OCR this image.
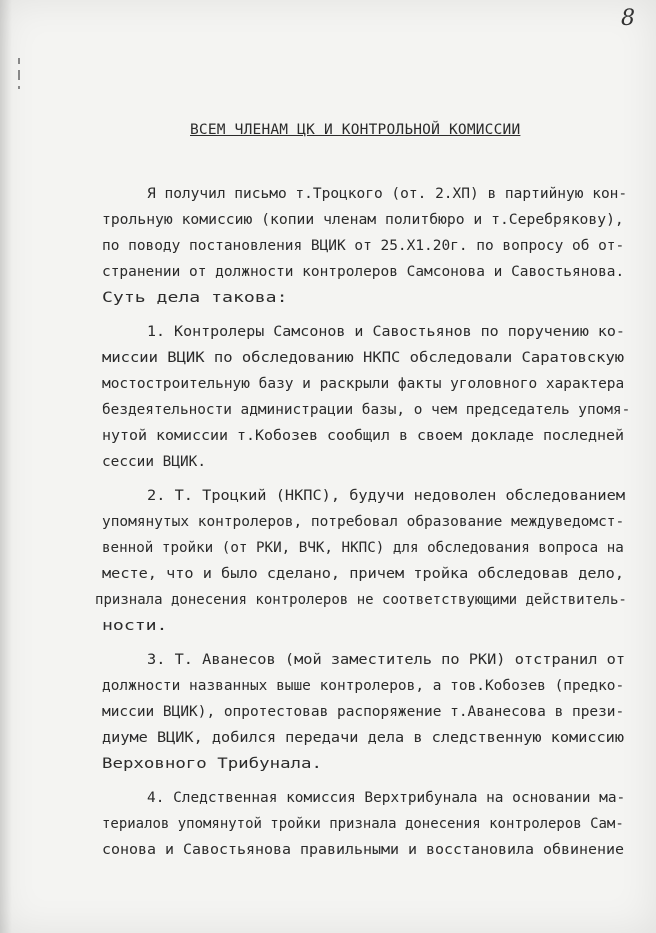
8
ВСЕМ ЧЛЕНАМ ЦК И КОНТРОЛЬНОЙ КОМИССИИ
Я получил письмо т.Троцкого (от. 2.ХП) в партийную кон-
трольную комиссию (копии членам политбюро и т.Серебрякову),
по поводу постановления ВЦИК от 25.Х1.20г. по вопросу об от-
странении от должности контролеров Самсонова и Савостьянова.
Суть дела такова:
1. Контролеры Самсонов и Савостьянов по поручению ко-
миссии ВЦИК по обследованию НКПС обследовали Саратовскую
мостостроительную базу и раскрыли факты уголовного характера
бездеятельности администрации базы, о чем председатель упомя-
нутой комиссии т.Кобозев сообщил в своем докладе последней
сессии ВЦИК.
2. Т. Троцкий (НКПС), будучи недоволен обследованием
упомянутых контролеров, потребовал образование междуведомст-
венной тройки (от РКИ, ВЧК, НКПС) для обследования вопроса на
месте, что и было сделано, причем тройка обследовав дело,
признала донесения контролеров не соответствующими действитель-
ности.
3. Т. Аванесов (мой заместитель по РКИ) отстранил от
должности названных выше контролеров, а тов.Кобозев (предко-
миссии ВЦИК), опротестовав распоряжение т.Аванесова в прези-
диуме ВЦИК, добился передачи дела в следственную комиссию
Верховного Трибунала.
4. Следственная комиссия Верхтрибунала на основании ма-
териалов упомянутой тройки признала донесения контролеров Сам-
сонова и Савостьянова правильными и восстановила обвинение
